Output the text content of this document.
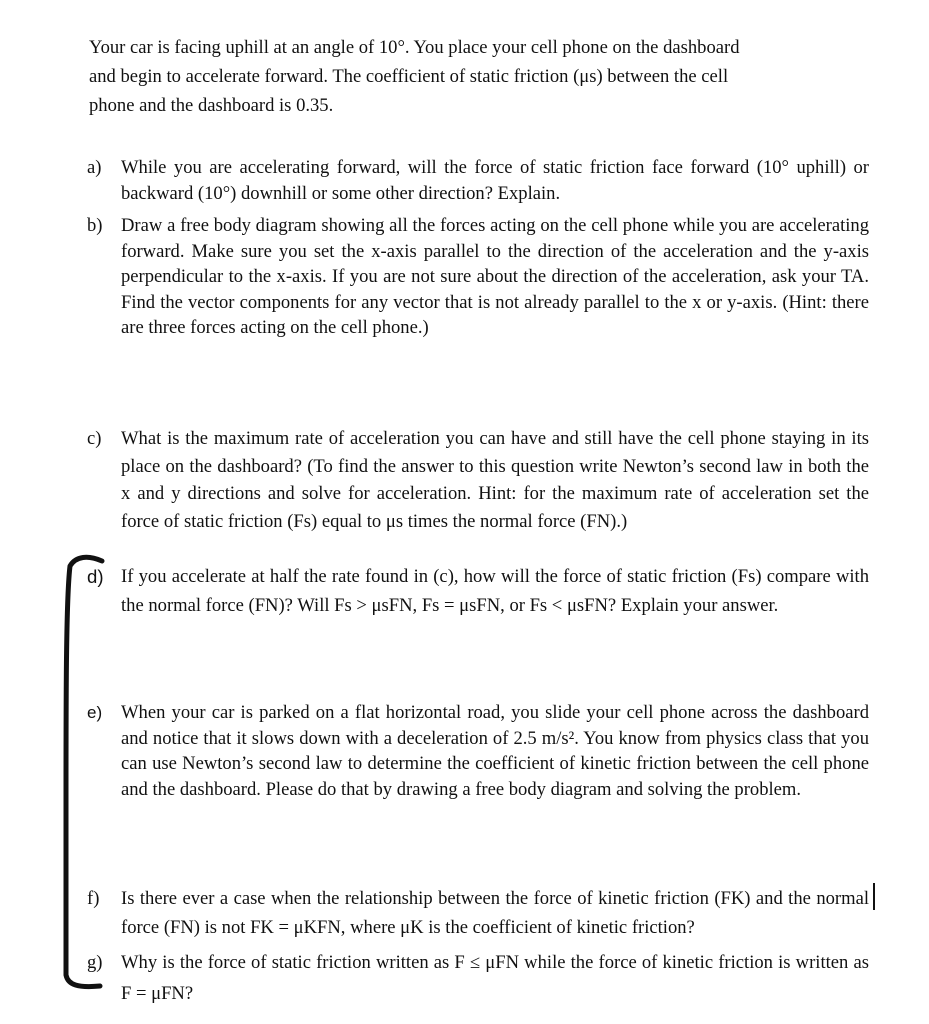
Your car is facing uphill at an angle of 10°. You place your cell phone on the dashboard
and begin to accelerate forward. The coefficient of static friction (μs) between the cell
phone and the dashboard is 0.35.
a) While you are accelerating forward, will the force of static friction face forward (10° uphill) or backward (10°) downhill or some other direction? Explain.

b) Draw a free body diagram showing all the forces acting on the cell phone while you are accelerating forward. Make sure you set the x-axis parallel to the direction of the acceleration and the y-axis perpendicular to the x-axis. If you are not sure about the direction of the acceleration, ask your TA. Find the vector components for any vector that is not already parallel to the x or y-axis. (Hint: there are three forces acting on the cell phone.)

c) What is the maximum rate of acceleration you can have and still have the cell phone staying in its place on the dashboard? (To find the answer to this question write Newton’s second law in both the x and y directions and solve for acceleration. Hint: for the maximum rate of acceleration set the force of static friction (Fs) equal to μs times the normal force (FN).)

d) If you accelerate at half the rate found in (c), how will the force of static friction (Fs) compare with the normal force (FN)? Will Fs > μsFN, Fs = μsFN, or Fs < μsFN? Explain your answer.

e) When your car is parked on a flat horizontal road, you slide your cell phone across the dashboard and notice that it slows down with a deceleration of 2.5 m/s². You know from physics class that you can use Newton’s second law to determine the coefficient of kinetic friction between the cell phone and the dashboard. Please do that by drawing a free body diagram and solving the problem.

f) Is there ever a case when the relationship between the force of kinetic friction (FK) and the normal force (FN) is not FK = μKFN, where μK is the coefficient of kinetic friction?

g) Why is the force of static friction written as F ≤ μFN while the force of kinetic friction is written as F = μFN?
